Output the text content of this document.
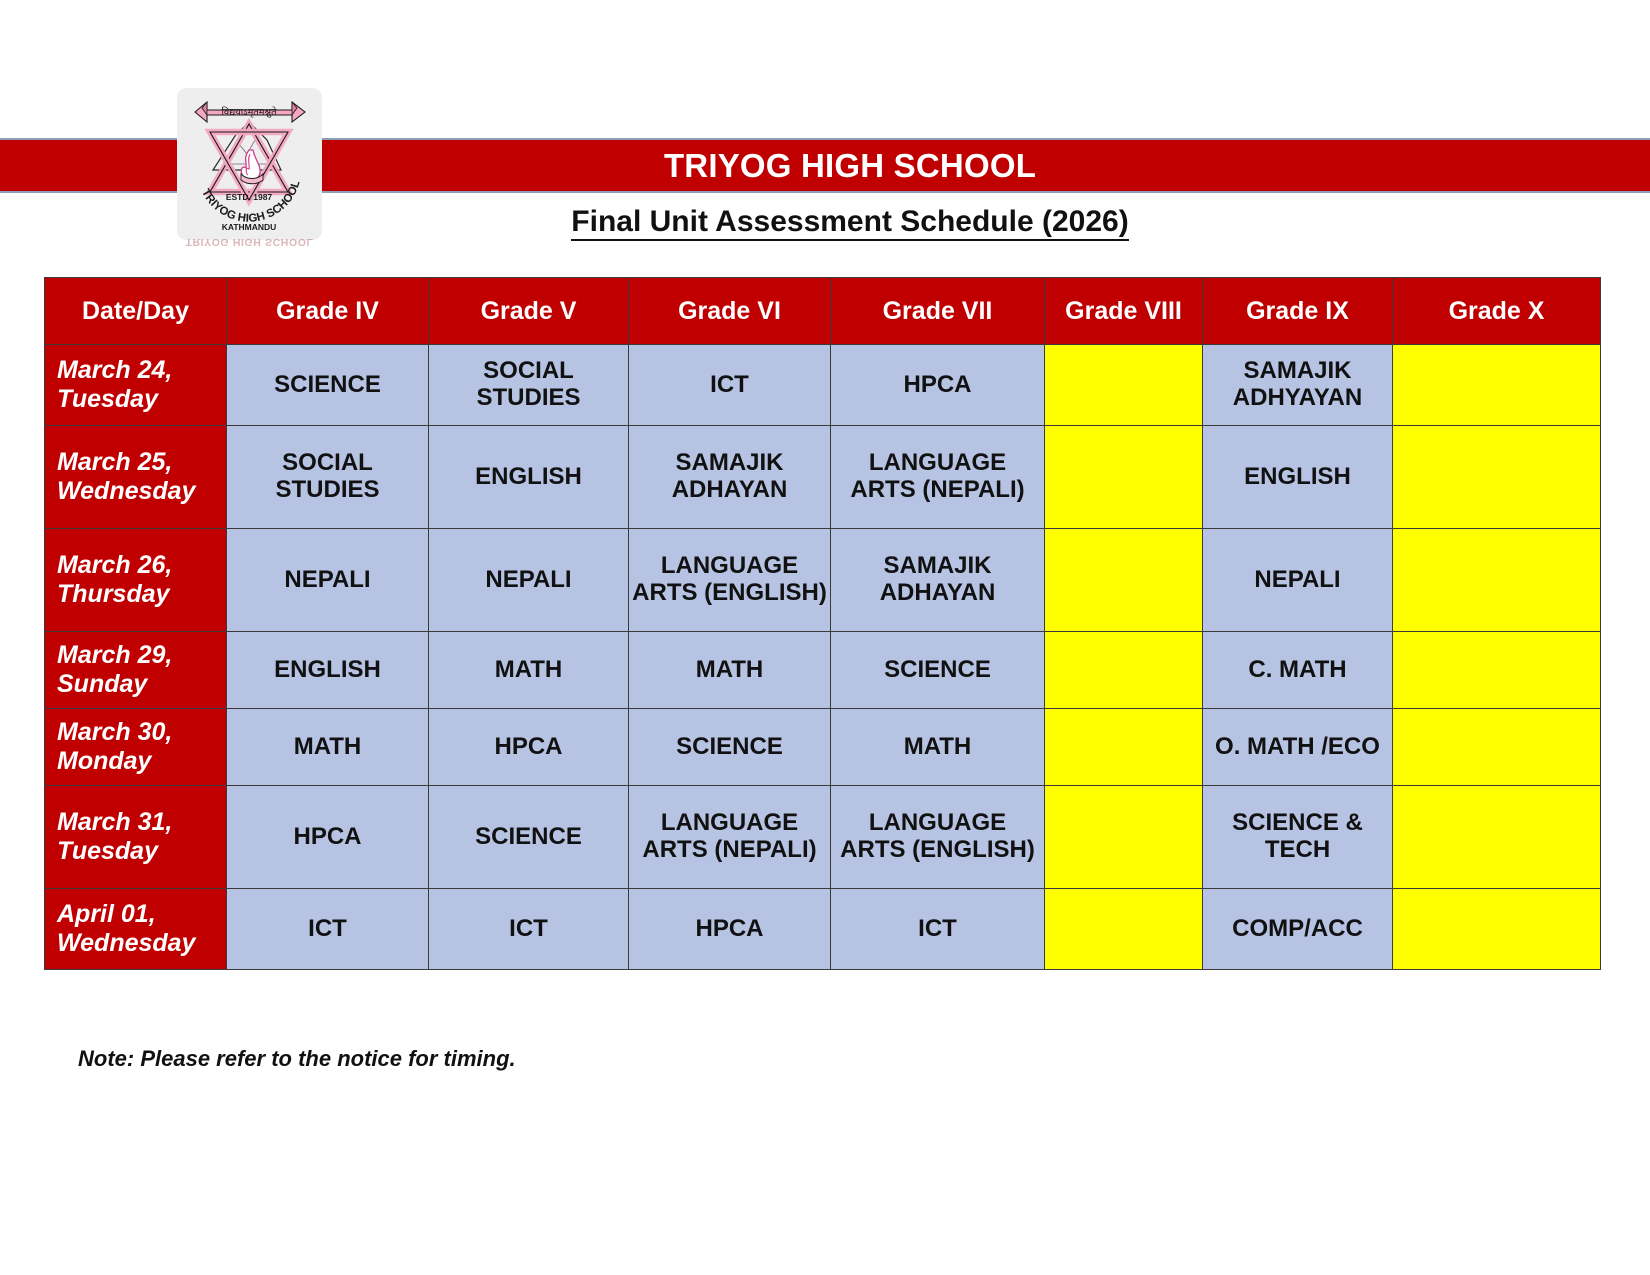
विद्ययाऽमृतमश्नुते
TRIYOG HIGH SCHOOL
ESTD. 1987
KATHMANDU
TRIYOG HIGH SCHOOL
TRIYOG HIGH SCHOOL
Final Unit Assessment Schedule (2026)
Date/Day	Grade IV	Grade V	Grade VI	Grade VII	Grade VIII	Grade IX	Grade X

March 24,
Tuesday	SCIENCE	SOCIAL STUDIES	ICT	HPCA		SAMAJIK ADHYAYAN	

March 25,
Wednesday	SOCIAL STUDIES	ENGLISH	SAMAJIK ADHAYAN	LANGUAGE ARTS (NEPALI)		ENGLISH	

March 26,
Thursday	NEPALI	NEPALI	LANGUAGE ARTS (ENGLISH)	SAMAJIK ADHAYAN		NEPALI	

March 29,
Sunday	ENGLISH	MATH	MATH	SCIENCE		C. MATH	

March 30,
Monday	MATH	HPCA	SCIENCE	MATH		O. MATH /ECO	

March 31,
Tuesday	HPCA	SCIENCE	LANGUAGE ARTS (NEPALI)	LANGUAGE ARTS (ENGLISH)		SCIENCE & TECH	

April 01,
Wednesday	ICT	ICT	HPCA	ICT		COMP/ACC	
Note: Please refer to the notice for timing.
